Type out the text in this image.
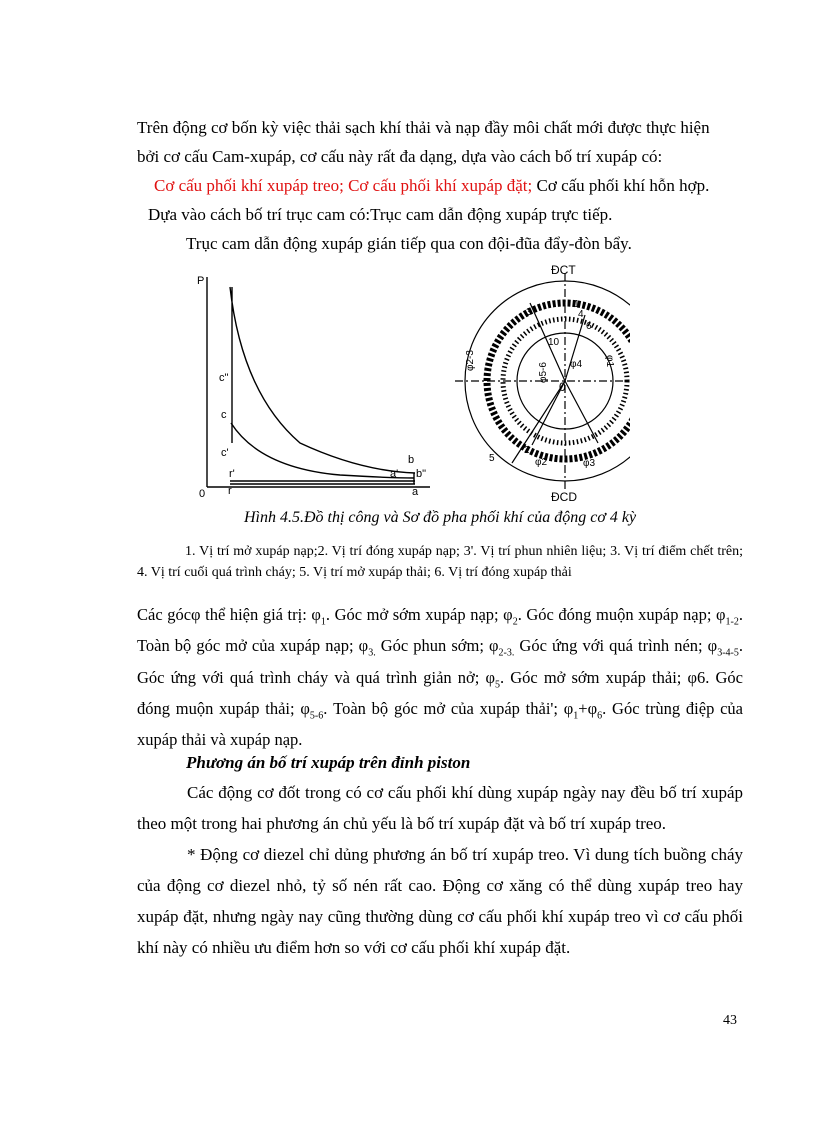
Trên động cơ bốn kỳ việc thải sạch khí thải và nạp đầy môi chất mới được thực hiện

bởi cơ cấu Cam-xupáp, cơ cấu này rất đa dạng, dựa vào cách bố trí xupáp có:

Cơ cấu phối khí xupáp treo; Cơ cấu phối khí xupáp đặt; Cơ cấu phối khí hỗn hợp.

Dựa vào cách bố trí trục cam có:Trục cam dẫn động xupáp trực tiếp.

Trục cam dẫn động xupáp gián tiếp qua con đội-đũa đẩy-đòn bẩy.

P
0
c"
c
c'
r'
r
a'
b
b"
a
ĐCT
ĐCD
φ2-3
φ5-6 φ4 φ1
φ2	φ3
0
1
2
3	4
5
6
10
Hình 4.5.Đồ thị công và Sơ đồ pha phối khí của động cơ 4 kỳ

1. Vị trí mở xupáp nạp;2. Vị trí đóng xupáp nạp; 3'. Vị trí phun nhiên liệu; 3. Vị trí điểm chết trên; 4. Vị trí cuối quá trình cháy; 5. Vị trí mở xupáp thải; 6. Vị trí đóng xupáp thải

Các gócφ thể hiện giá trị: $\varphi_1$. Góc mở sớm xupáp nạp; $\varphi_2$. Góc đóng muộn xupáp nạp; $\varphi_{1-2}$. Toàn bộ góc mở của xupáp nạp; $\varphi_{3.}$ Góc phun sớm; $\varphi_{2-3.}$ Góc ứng với quá trình nén; $\varphi_{3-4-5}$. Góc ứng với quá trình cháy và quá trình giản nở; $\varphi_5$. Góc mở sớm xupáp thải; φ6. Góc đóng muộn xupáp thải; $\varphi_{5-6}$. Toàn bộ góc mở của xupáp thải'; $\varphi_1+\varphi_6$. Góc trùng điệp của xupáp thải và xupáp nạp.

Phương án bố trí xupáp trên đỉnh piston

Các động cơ đốt trong có cơ cấu phối khí dùng xupáp ngày nay đều bố trí xupáp theo một trong hai phương án chủ yếu là bố trí xupáp đặt và bố trí xupáp treo.

* Động cơ diezel chỉ dủng phương án bố trí xupáp treo. Vì dung tích buồng cháy của động cơ diezel nhỏ, tỷ số nén rất cao. Động cơ xăng có thể dùng xupáp treo hay xupáp đặt, nhưng ngày nay cũng thường dùng cơ cấu phối khí xupáp treo vì cơ cấu phối khí này có nhiều ưu điểm hơn so với cơ cấu phối khí xupáp đặt.

43
